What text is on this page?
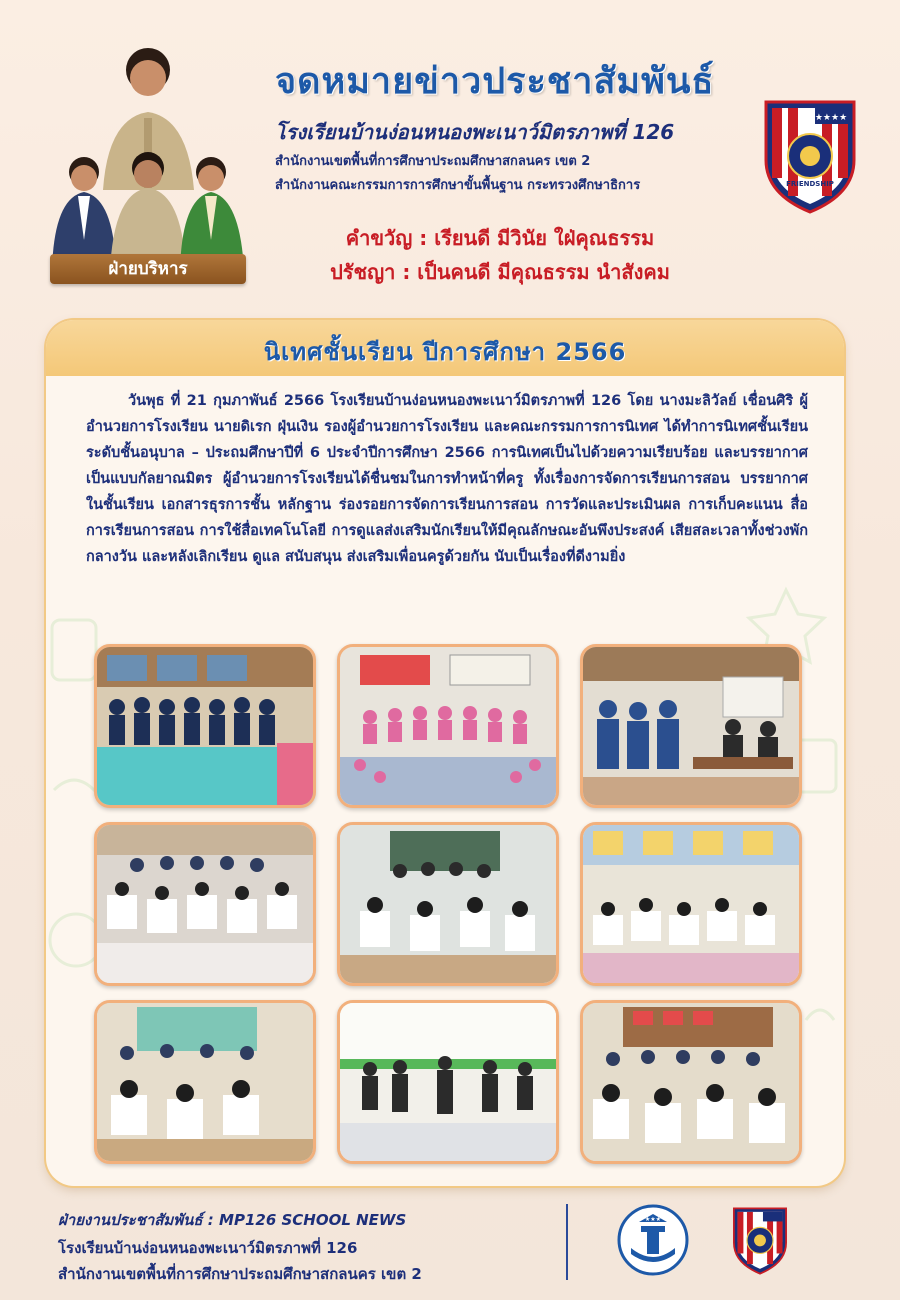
ฝ่ายบริหาร
จดหมายข่าวประชาสัมพันธ์
โรงเรียนบ้านง่อนหนองพะเนาว์มิตรภาพที่ 126
สำนักงานเขตพื้นที่การศึกษาประถมศึกษาสกลนคร เขต 2
สำนักงานคณะกรรมการการศึกษาขั้นพื้นฐาน กระทรวงศึกษาธิการ
คำขวัญ : เรียนดี มีวินัย ใฝ่คุณธรรม
ปรัชญา : เป็นคนดี มีคุณธรรม นำสังคม
★★★★
FRIENDSHIP
นิเทศชั้นเรียน ปีการศึกษา 2566
วันพุธ ที่ 21 กุมภาพันธ์ 2566 โรงเรียนบ้านง่อนหนองพะเนาว์มิตรภาพที่ 126 โดย นางมะลิวัลย์ เชื่อนศิริ ผู้อำนวยการโรงเรียน นายดิเรก ฝุ่นเงิน รองผู้อำนวยการโรงเรียน และคณะกรรมการการนิเทศ ได้ทำการนิเทศชั้นเรียนระดับชั้นอนุบาล – ประถมศึกษาปีที่ 6 ประจำปีการศึกษา 2566 การนิเทศเป็นไปด้วยความเรียบร้อย และบรรยากาศเป็นแบบกัลยาณมิตร ผู้อำนวยการโรงเรียนได้ชื่นชมในการทำหน้าที่ครู ทั้งเรื่องการจัดการเรียนการสอน บรรยากาศในชั้นเรียน เอกสารธุรการชั้น หลักฐาน ร่องรอยการจัดการเรียนการสอน การวัดและประเมินผล การเก็บคะแนน สื่อการเรียนการสอน การใช้สื่อเทคโนโลยี การดูแลส่งเสริมนักเรียนให้มีคุณลักษณะอันพึงประสงค์ เสียสละเวลาทั้งช่วงพักกลางวัน และหลังเลิกเรียน ดูแล สนับสนุน ส่งเสริมเพื่อนครูด้วยกัน นับเป็นเรื่องที่ดีงามยิ่ง
ฝ่ายงานประชาสัมพันธ์ : MP126 SCHOOL NEWS
โรงเรียนบ้านง่อนหนองพะเนาว์มิตรภาพที่ 126
สำนักงานเขตพื้นที่การศึกษาประถมศึกษาสกลนคร เขต 2
★★★
